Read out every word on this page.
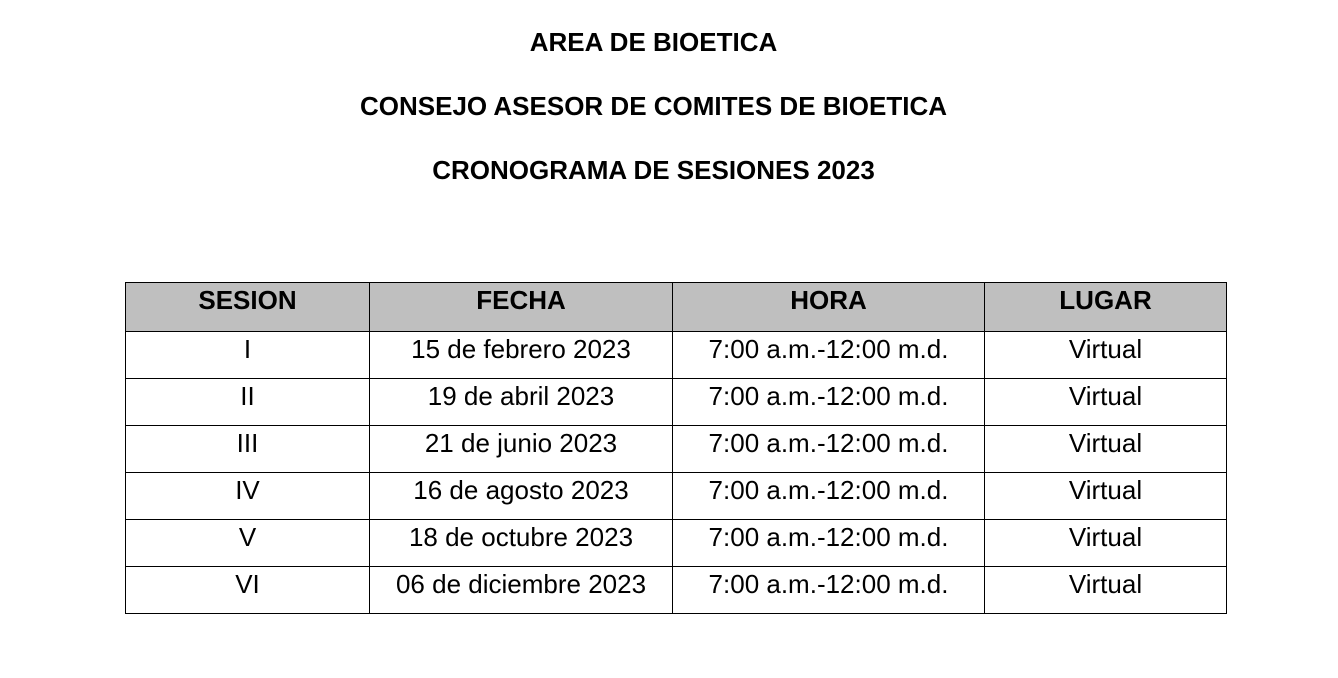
AREA DE BIOETICA
CONSEJO ASESOR DE COMITES DE BIOETICA
CRONOGRAMA DE SESIONES 2023
SESION	FECHA	HORA	LUGAR
I	15 de febrero 2023	7:00 a.m.-12:00 m.d.	Virtual
II	19 de abril 2023	7:00 a.m.-12:00 m.d.	Virtual
III	21 de junio 2023	7:00 a.m.-12:00 m.d.	Virtual
IV	16 de agosto 2023	7:00 a.m.-12:00 m.d.	Virtual
V	18 de octubre 2023	7:00 a.m.-12:00 m.d.	Virtual
VI	06 de diciembre 2023	7:00 a.m.-12:00 m.d.	Virtual
